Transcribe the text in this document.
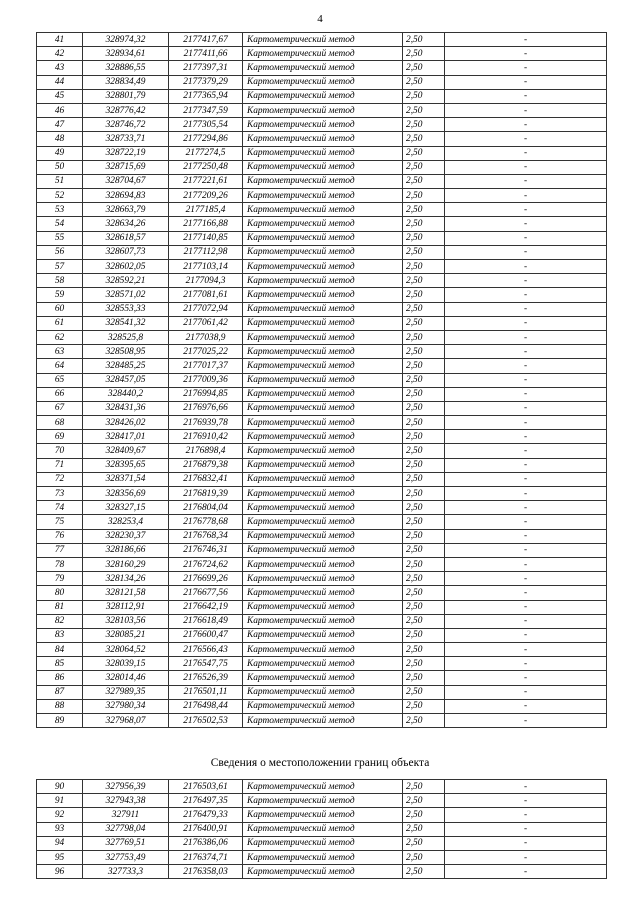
4
41	328974,32	2177417,67	Картометрический метод	2,50	-
42	328934,61	2177411,66	Картометрический метод	2,50	-
43	328886,55	2177397,31	Картометрический метод	2,50	-
44	328834,49	2177379,29	Картометрический метод	2,50	-
45	328801,79	2177365,94	Картометрический метод	2,50	-
46	328776,42	2177347,59	Картометрический метод	2,50	-
47	328746,72	2177305,54	Картометрический метод	2,50	-
48	328733,71	2177294,86	Картометрический метод	2,50	-
49	328722,19	2177274,5	Картометрический метод	2,50	-
50	328715,69	2177250,48	Картометрический метод	2,50	-
51	328704,67	2177221,61	Картометрический метод	2,50	-
52	328694,83	2177209,26	Картометрический метод	2,50	-
53	328663,79	2177185,4	Картометрический метод	2,50	-
54	328634,26	2177166,88	Картометрический метод	2,50	-
55	328618,57	2177140,85	Картометрический метод	2,50	-
56	328607,73	2177112,98	Картометрический метод	2,50	-
57	328602,05	2177103,14	Картометрический метод	2,50	-
58	328592,21	2177094,3	Картометрический метод	2,50	-
59	328571,02	2177081,61	Картометрический метод	2,50	-
60	328553,33	2177072,94	Картометрический метод	2,50	-
61	328541,32	2177061,42	Картометрический метод	2,50	-
62	328525,8	2177038,9	Картометрический метод	2,50	-
63	328508,95	2177025,22	Картометрический метод	2,50	-
64	328485,25	2177017,37	Картометрический метод	2,50	-
65	328457,05	2177009,36	Картометрический метод	2,50	-
66	328440,2	2176994,85	Картометрический метод	2,50	-
67	328431,36	2176976,66	Картометрический метод	2,50	-
68	328426,02	2176939,78	Картометрический метод	2,50	-
69	328417,01	2176910,42	Картометрический метод	2,50	-
70	328409,67	2176898,4	Картометрический метод	2,50	-
71	328395,65	2176879,38	Картометрический метод	2,50	-
72	328371,54	2176832,41	Картометрический метод	2,50	-
73	328356,69	2176819,39	Картометрический метод	2,50	-
74	328327,15	2176804,04	Картометрический метод	2,50	-
75	328253,4	2176778,68	Картометрический метод	2,50	-
76	328230,37	2176768,34	Картометрический метод	2,50	-
77	328186,66	2176746,31	Картометрический метод	2,50	-
78	328160,29	2176724,62	Картометрический метод	2,50	-
79	328134,26	2176699,26	Картометрический метод	2,50	-
80	328121,58	2176677,56	Картометрический метод	2,50	-
81	328112,91	2176642,19	Картометрический метод	2,50	-
82	328103,56	2176618,49	Картометрический метод	2,50	-
83	328085,21	2176600,47	Картометрический метод	2,50	-
84	328064,52	2176566,43	Картометрический метод	2,50	-
85	328039,15	2176547,75	Картометрический метод	2,50	-
86	328014,46	2176526,39	Картометрический метод	2,50	-
87	327989,35	2176501,11	Картометрический метод	2,50	-
88	327980,34	2176498,44	Картометрический метод	2,50	-
89	327968,07	2176502,53	Картометрический метод	2,50	-
Сведения о местоположении границ объекта
90	327956,39	2176503,61	Картометрический метод	2,50	-
91	327943,38	2176497,35	Картометрический метод	2,50	-
92	327911	2176479,33	Картометрический метод	2,50	-
93	327798,04	2176400,91	Картометрический метод	2,50	-
94	327769,51	2176386,06	Картометрический метод	2,50	-
95	327753,49	2176374,71	Картометрический метод	2,50	-
96	327733,3	2176358,03	Картометрический метод	2,50	-
